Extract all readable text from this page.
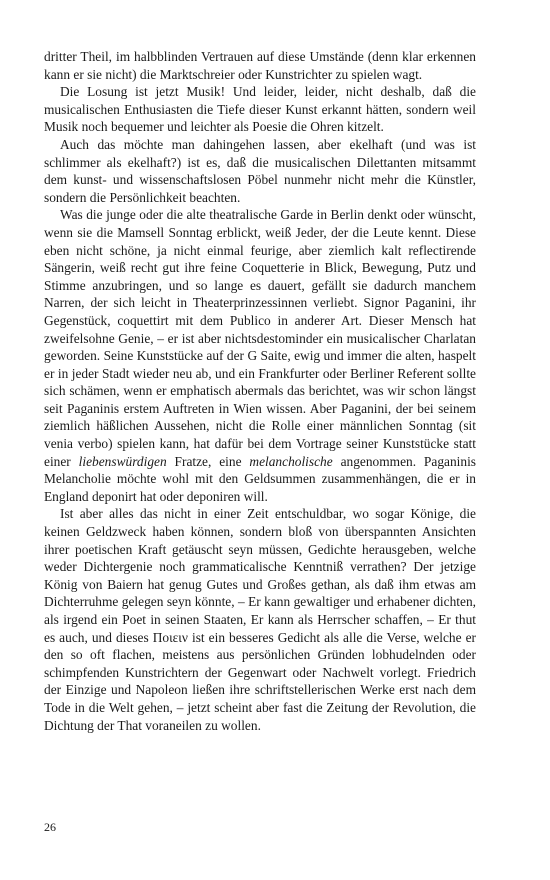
dritter Theil, im halbblinden Vertrauen auf diese Umstände (denn klar erkennen kann er sie nicht) die Marktschreier oder Kunstrichter zu spielen wagt.

Die Losung ist jetzt Musik! Und leider, leider, nicht deshalb, daß die musicalischen Enthusiasten die Tiefe dieser Kunst erkannt hätten, sondern weil Musik noch bequemer und leichter als Poesie die Ohren kitzelt.

Auch das möchte man dahingehen lassen, aber ekelhaft (und was ist schlimmer als ekelhaft?) ist es, daß die musicalischen Dilettanten mitsammt dem kunst- und wissenschaftslosen Pöbel nunmehr nicht mehr die Künstler, sondern die Persönlichkeit beachten.

Was die junge oder die alte theatralische Garde in Berlin denkt oder wünscht, wenn sie die Mamsell Sonntag erblickt, weiß Jeder, der die Leute kennt. Diese eben nicht schöne, ja nicht einmal feurige, aber ziemlich kalt reflectirende Sängerin, weiß recht gut ihre feine Coquetterie in Blick, Bewegung, Putz und Stimme anzubringen, und so lange es dauert, gefällt sie dadurch manchem Narren, der sich leicht in Theaterprinzessinnen verliebt. Signor Paganini, ihr Gegenstück, coquettirt mit dem Publico in anderer Art. Dieser Mensch hat zweifelsohne Genie, – er ist aber nichtsdestominder ein musicalischer Charlatan geworden. Seine Kunststücke auf der G Saite, ewig und immer die alten, haspelt er in jeder Stadt wieder neu ab, und ein Frankfurter oder Berliner Referent sollte sich schämen, wenn er emphatisch abermals das berichtet, was wir schon längst seit Paganinis erstem Auftreten in Wien wissen. Aber Paganini, der bei seinem ziemlich häßlichen Aussehen, nicht die Rolle einer männlichen Sonntag (sit venia verbo) spielen kann, hat dafür bei dem Vortrage seiner Kunststücke statt einer liebenswürdigen Fratze, eine melancholische angenommen. Paganinis Melancholie möchte wohl mit den Geldsummen zusammenhängen, die er in England deponirt hat oder deponiren will.

Ist aber alles das nicht in einer Zeit entschuldbar, wo sogar Könige, die keinen Geldzweck haben können, sondern bloß von überspannten Ansichten ihrer poetischen Kraft getäuscht seyn müssen, Gedichte herausgeben, welche weder Dichtergenie noch grammaticalische Kenntniß verrathen? Der jetzige König von Baiern hat genug Gutes und Großes gethan, als daß ihm etwas am Dichterruhme gelegen seyn könnte, – Er kann gewaltiger und erhabener dichten, als irgend ein Poet in seinen Staaten, Er kann als Herrscher schaffen, – Er thut es auch, und dieses Ποιειν ist ein besseres Gedicht als alle die Verse, welche er den so oft flachen, meistens aus persönlichen Gründen lobhudelnden oder schimpfenden Kunstrichtern der Gegenwart oder Nachwelt vorlegt. Friedrich der Einzige und Napoleon ließen ihre schriftstellerischen Werke erst nach dem Tode in die Welt gehen, – jetzt scheint aber fast die Zeitung der Revolution, die Dichtung der That voraneilen zu wollen.

26
